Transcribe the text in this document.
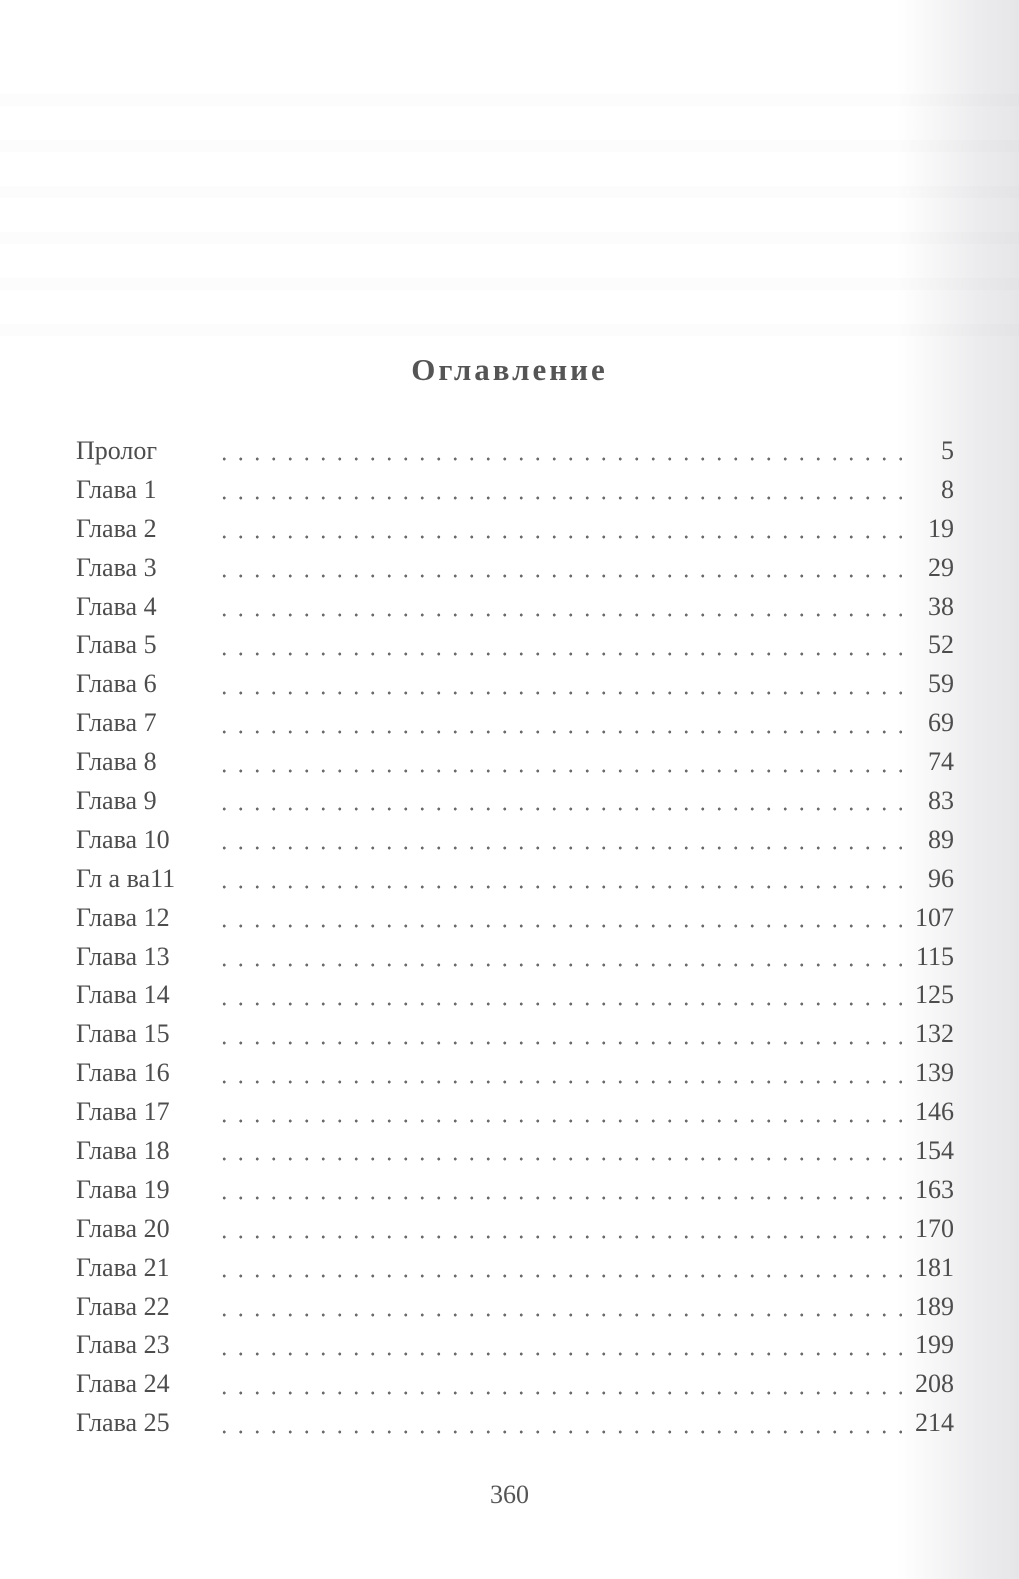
Оглавление
Пролог	5
Глава 1	8
Глава 2	19
Глава 3	29
Глава 4	38
Глава 5	52
Глава 6	59
Глава 7	69
Глава 8	74
Глава 9	83
Глава 10	89
Гл а ва11	96
Глава 12	107
Глава 13	115
Глава 14	125
Глава 15	132
Глава 16	139
Глава 17	146
Глава 18	154
Глава 19	163
Глава 20	170
Глава 21	181
Глава 22	189
Глава 23	199
Глава 24	208
Глава 25	214
360
